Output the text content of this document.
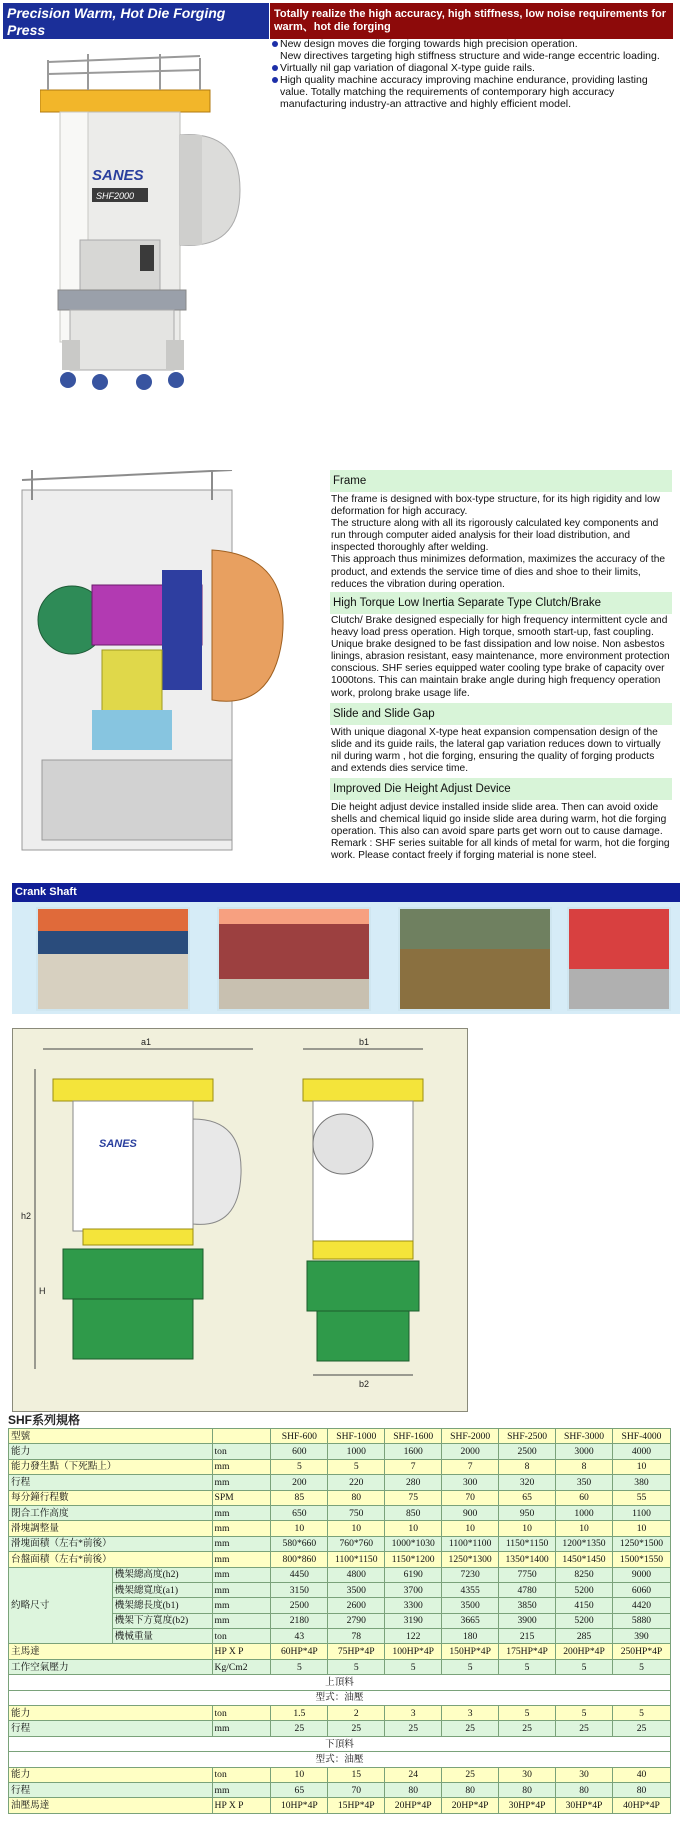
Precision Warm, Hot Die Forging Press
Totally realize the high accuracy, high stiffness, low noise requirements for warm、hot die forging
New design moves die forging towards high precision operation.
New directives targeting high stiffness structure and wide-range eccentric loading.
Virtually nil gap variation of diagonal X-type guide rails.
High quality machine accuracy improving machine endurance, providing lasting value. Totally matching the requirements of contemporary high accuracy manufacturing industry-an attractive and highly efficient model.
SANES
SHF2000
Frame
The frame is designed with box-type structure, for its high rigidity and low deformation for high accuracy.
The structure along with all its rigorously calculated key components and run through computer aided analysis for their load distribution, and inspected thoroughly after welding.
This approach thus minimizes deformation, maximizes the accuracy of the product, and extends the service time of dies and shoe to their limits, reduces the vibration during operation.
High Torque Low Inertia Separate Type Clutch/Brake
Clutch/ Brake designed especially for high frequency intermittent cycle and heavy load press operation. High torque, smooth start-up, fast coupling. Unique brake designed to be fast dissipation and low noise. Non asbestos linings, abrasion resistant, easy maintenance, more environment protection conscious. SHF series equipped water cooling type brake of capacity over 1000tons. This can maintain brake angle during high frequency operation work, prolong brake usage life.
Slide and Slide Gap
With unique diagonal X-type heat expansion compensation design of the slide and its guide rails, the lateral gap variation reduces down to virtually nil during warm , hot die forging, ensuring the quality of forging products and extends dies service time.
Improved Die Height Adjust Device
Die height adjust device installed inside slide area. Then can avoid oxide shells and chemical liquid go inside slide area during warm, hot die forging operation. This also can avoid spare parts get worn out to cause damage.
Remark : SHF series suitable for all kinds of metal for warm, hot die forging work. Please contact freely if forging material is none steel.
Crank Shaft
a1
h2
H
SANES
b1
b2
SHF系列規格
型號			SHF-600	SHF-1000	SHF-1600	SHF-2000	SHF-2500	SHF-3000	SHF-4000
能力		ton	600	1000	1600	2000	2500	3000	4000
能力發生點（下死點上）		mm	5	5	7	7	8	8	10
行程		mm	200	220	280	300	320	350	380
每分鐘行程數		SPM	85	80	75	70	65	60	55
閉合工作高度		mm	650	750	850	900	950	1000	1100
滑塊調整量		mm	10	10	10	10	10	10	10
滑塊面積（左右*前後）		mm	580*660	760*760	1000*1030	1100*1100	1150*1150	1200*1350	1250*1500
台盤面積（左右*前後）		mm	800*860	1100*1150	1150*1200	1250*1300	1350*1400	1450*1450	1500*1550
約略尺寸	機架總高度(h2)	mm	4450	4800	6190	7230	7750	8250	9000
	機架總寬度(a1)	mm	3150	3500	3700	4355	4780	5200	6060
	機架總長度(b1)	mm	2500	2600	3300	3500	3850	4150	4420
	機架下方寬度(b2)	mm	2180	2790	3190	3665	3900	5200	5880
	機械重量	ton	43	78	122	180	215	285	390
主馬達		HP X P	60HP*4P	75HP*4P	100HP*4P	150HP*4P	175HP*4P	200HP*4P	250HP*4P
工作空氣壓力		Kg/Cm2	5	5	5	5	5	5	5
上頂料									
型式：油壓									
能力		ton	1.5	2	3	3	5	5	5
行程		mm	25	25	25	25	25	25	25
下頂料									
型式：油壓									
能力		ton	10	15	24	25	30	30	40
行程		mm	65	70	80	80	80	80	80
油壓馬達		HP X P	10HP*4P	15HP*4P	20HP*4P	20HP*4P	30HP*4P	30HP*4P	40HP*4P
